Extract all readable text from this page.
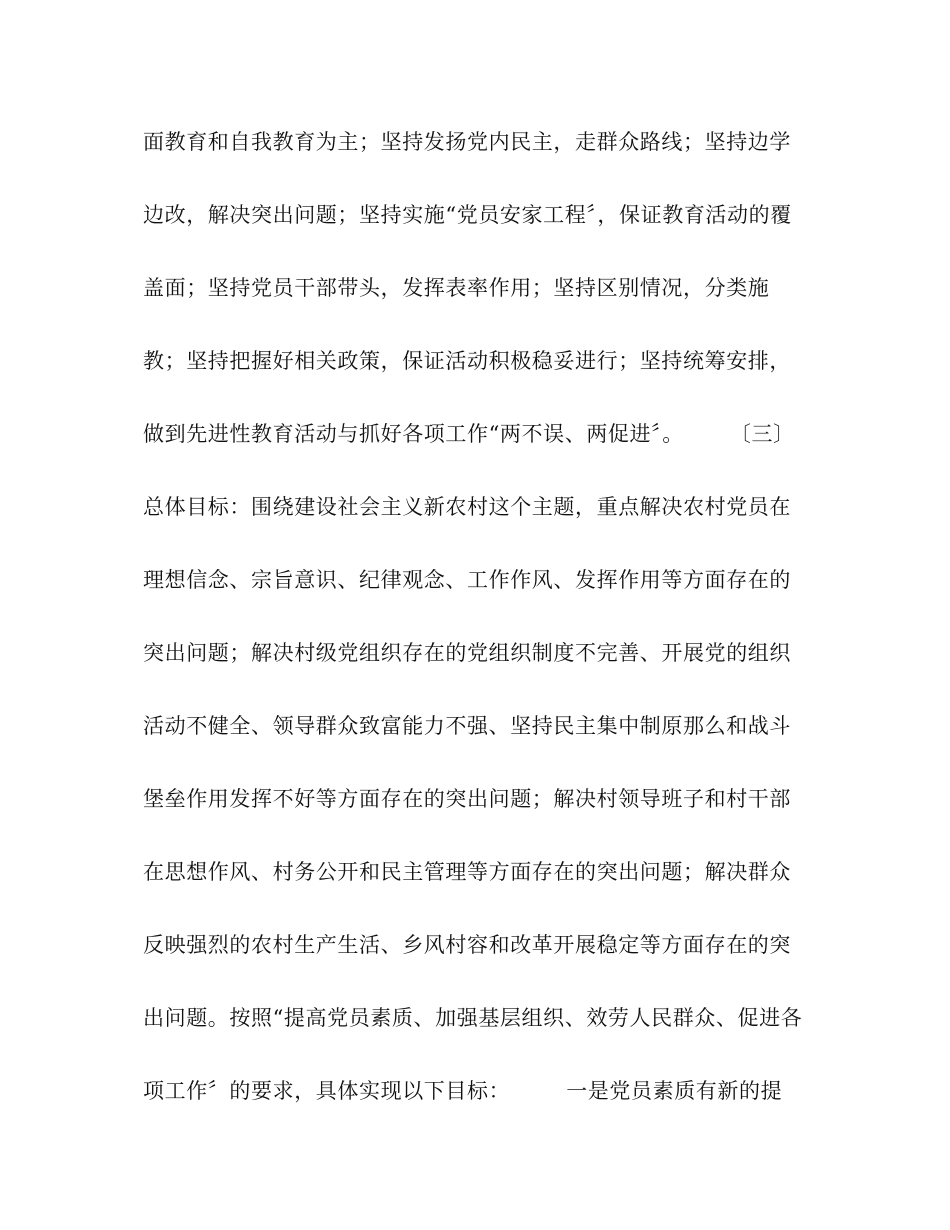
面教育和自我教育为主；坚持发扬党内民主，走群众路线；坚持边学
边改，解决突出问题；坚持实施“党员安家工程〞，保证教育活动的覆
盖面；坚持党员干部带头，发挥表率作用；坚持区别情况，分类施
教；坚持把握好相关政策，保证活动积极稳妥进行；坚持统筹安排，
做到先进性教育活动与抓好各项工作“两不误、两促进〞。 〔三〕
总体目标：围绕建设社会主义新农村这个主题，重点解决农村党员在
理想信念、宗旨意识、纪律观念、工作作风、发挥作用等方面存在的
突出问题；解决村级党组织存在的党组织制度不完善、开展党的组织
活动不健全、领导群众致富能力不强、坚持民主集中制原那么和战斗
堡垒作用发挥不好等方面存在的突出问题；解决村领导班子和村干部
在思想作风、村务公开和民主管理等方面存在的突出问题；解决群众
反映强烈的农村生产生活、乡风村容和改革开展稳定等方面存在的突
出问题。按照“提高党员素质、加强基层组织、效劳人民群众、促进各
项工作〞的要求，具体实现以下目标：	一是党员素质有新的提
